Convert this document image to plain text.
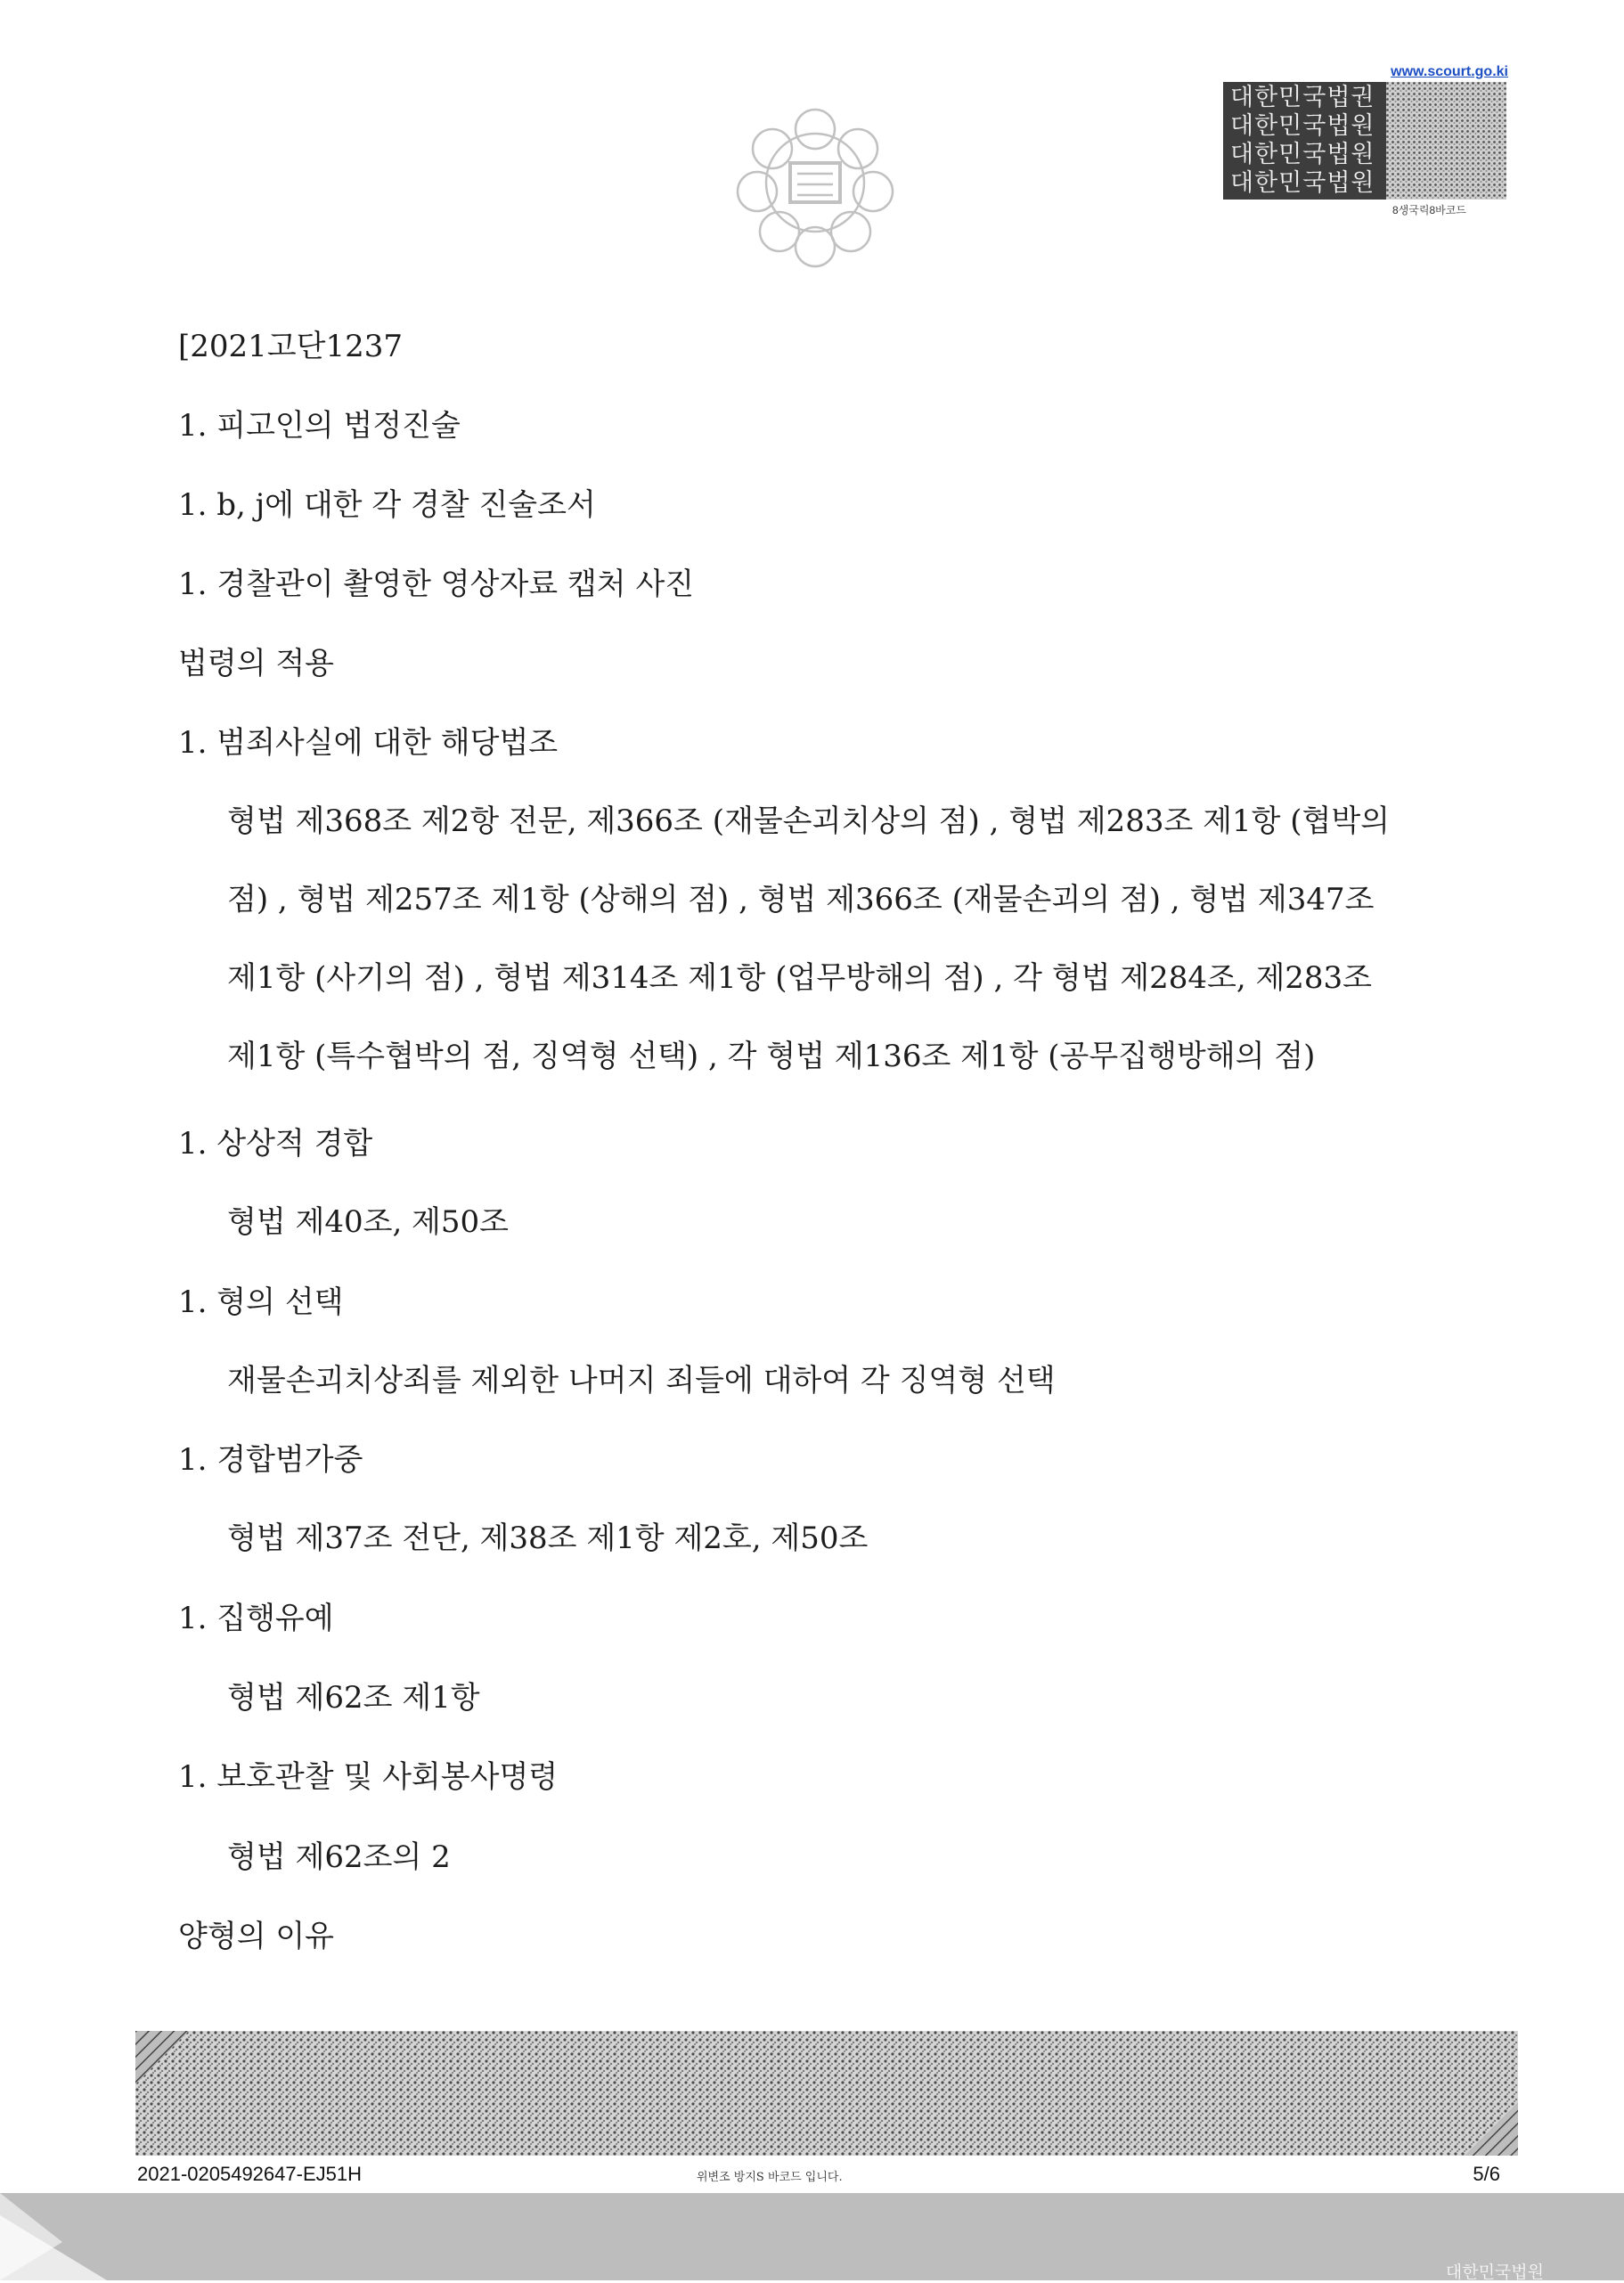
www.scourt.go.ki
대한민국법권
대한민국법원
대한민국법원
대한민국법원
8생국릭8바코드
[2021고단1237
1. 피고인의 법정진술
1. b, j에 대한 각 경찰 진술조서
1. 경찰관이 촬영한 영상자료 캡처 사진
법령의 적용
1. 범죄사실에 대한 해당법조
형법 제368조 제2항 전문, 제366조 (재물손괴치상의 점) , 형법 제283조 제1항 (협박의
점) , 형법 제257조 제1항 (상해의 점) , 형법 제366조 (재물손괴의 점) , 형법 제347조
제1항 (사기의 점) , 형법 제314조 제1항 (업무방해의 점) , 각 형법 제284조, 제283조
제1항 (특수협박의 점, 징역형 선택) , 각 형법 제136조 제1항 (공무집행방해의 점)
1. 상상적 경합
형법 제40조, 제50조
1. 형의 선택
재물손괴치상죄를 제외한 나머지 죄들에 대하여 각 징역형 선택
1. 경합범가중
형법 제37조 전단, 제38조 제1항 제2호, 제50조
1. 집행유예
형법 제62조 제1항
1. 보호관찰 및 사회봉사명령
형법 제62조의 2
양형의 이유
2021-0205492647-EJ51H	위변조 방지S 바코드 입니다.	5/6
대한민국법원
